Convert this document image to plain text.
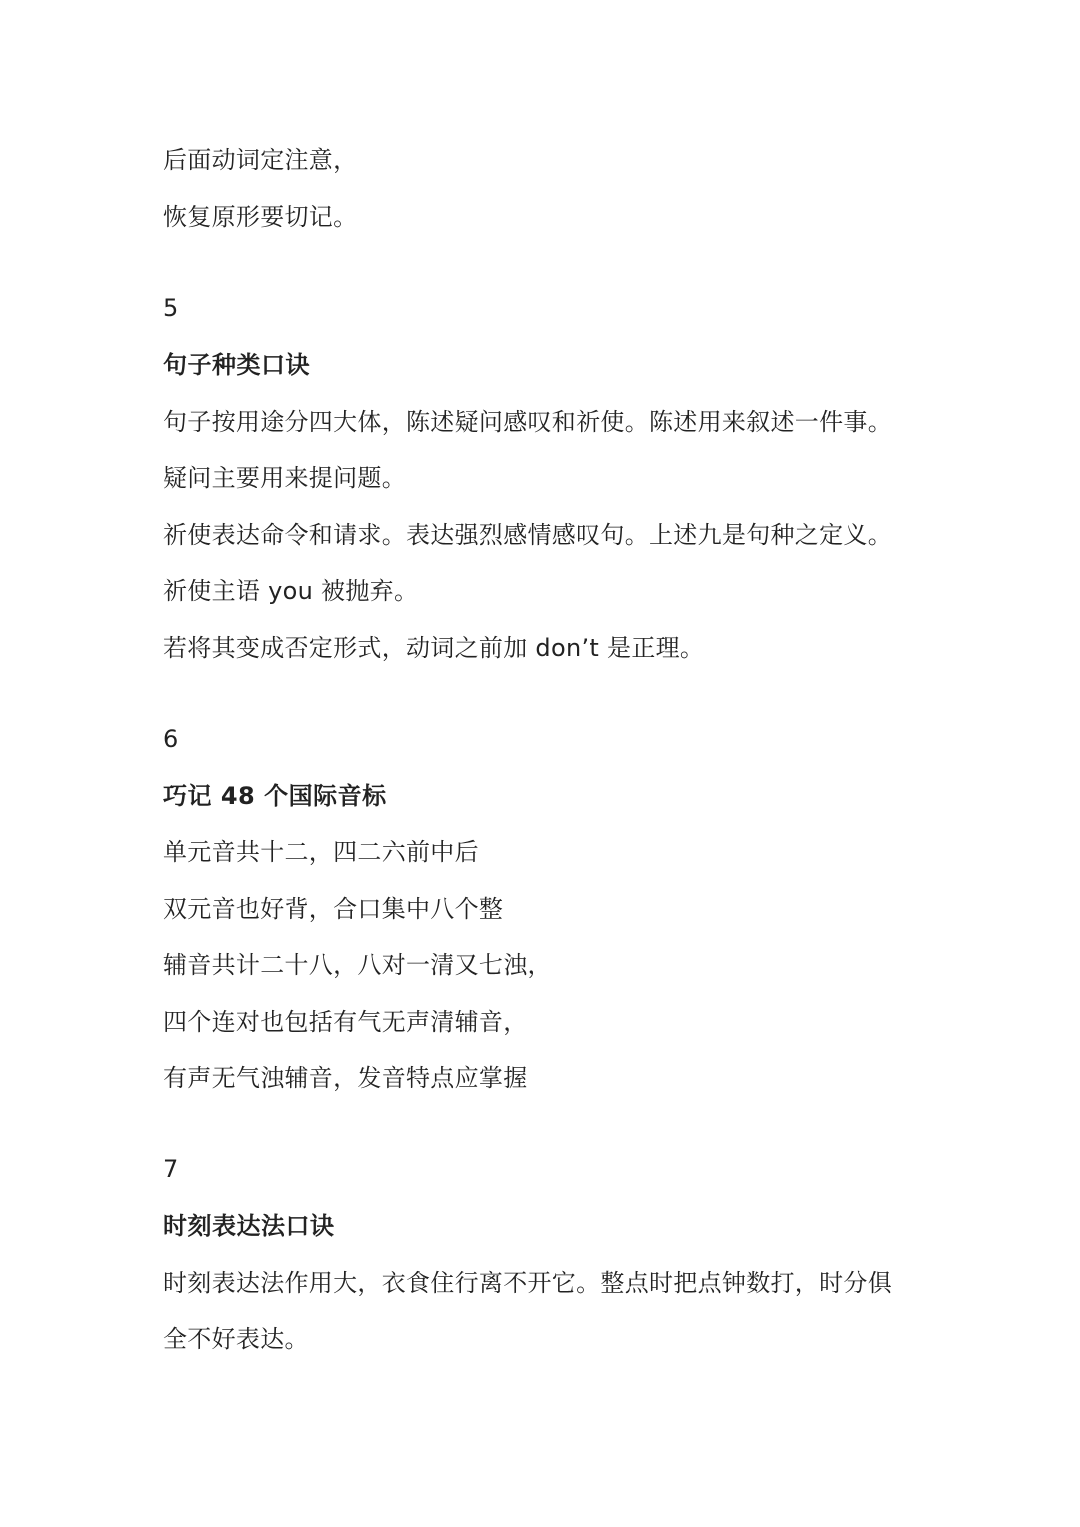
后面动词定注意，
恢复原形要切记。
5
句子种类口诀
句子按用途分四大体，陈述疑问感叹和祈使。陈述用来叙述一件事。
疑问主要用来提问题。
祈使表达命令和请求。表达强烈感情感叹句。上述九是句种之定义。
祈使主语 you 被抛弃。
若将其变成否定形式，动词之前加 don’t 是正理。
6
巧记 48 个国际音标
单元音共十二，四二六前中后
双元音也好背，合口集中八个整
辅音共计二十八，八对一清又七浊，
四个连对也包括有气无声清辅音，
有声无气浊辅音，发音特点应掌握
7
时刻表达法口诀
时刻表达法作用大，衣食住行离不开它。整点时把点钟数打，时分俱
全不好表达。
